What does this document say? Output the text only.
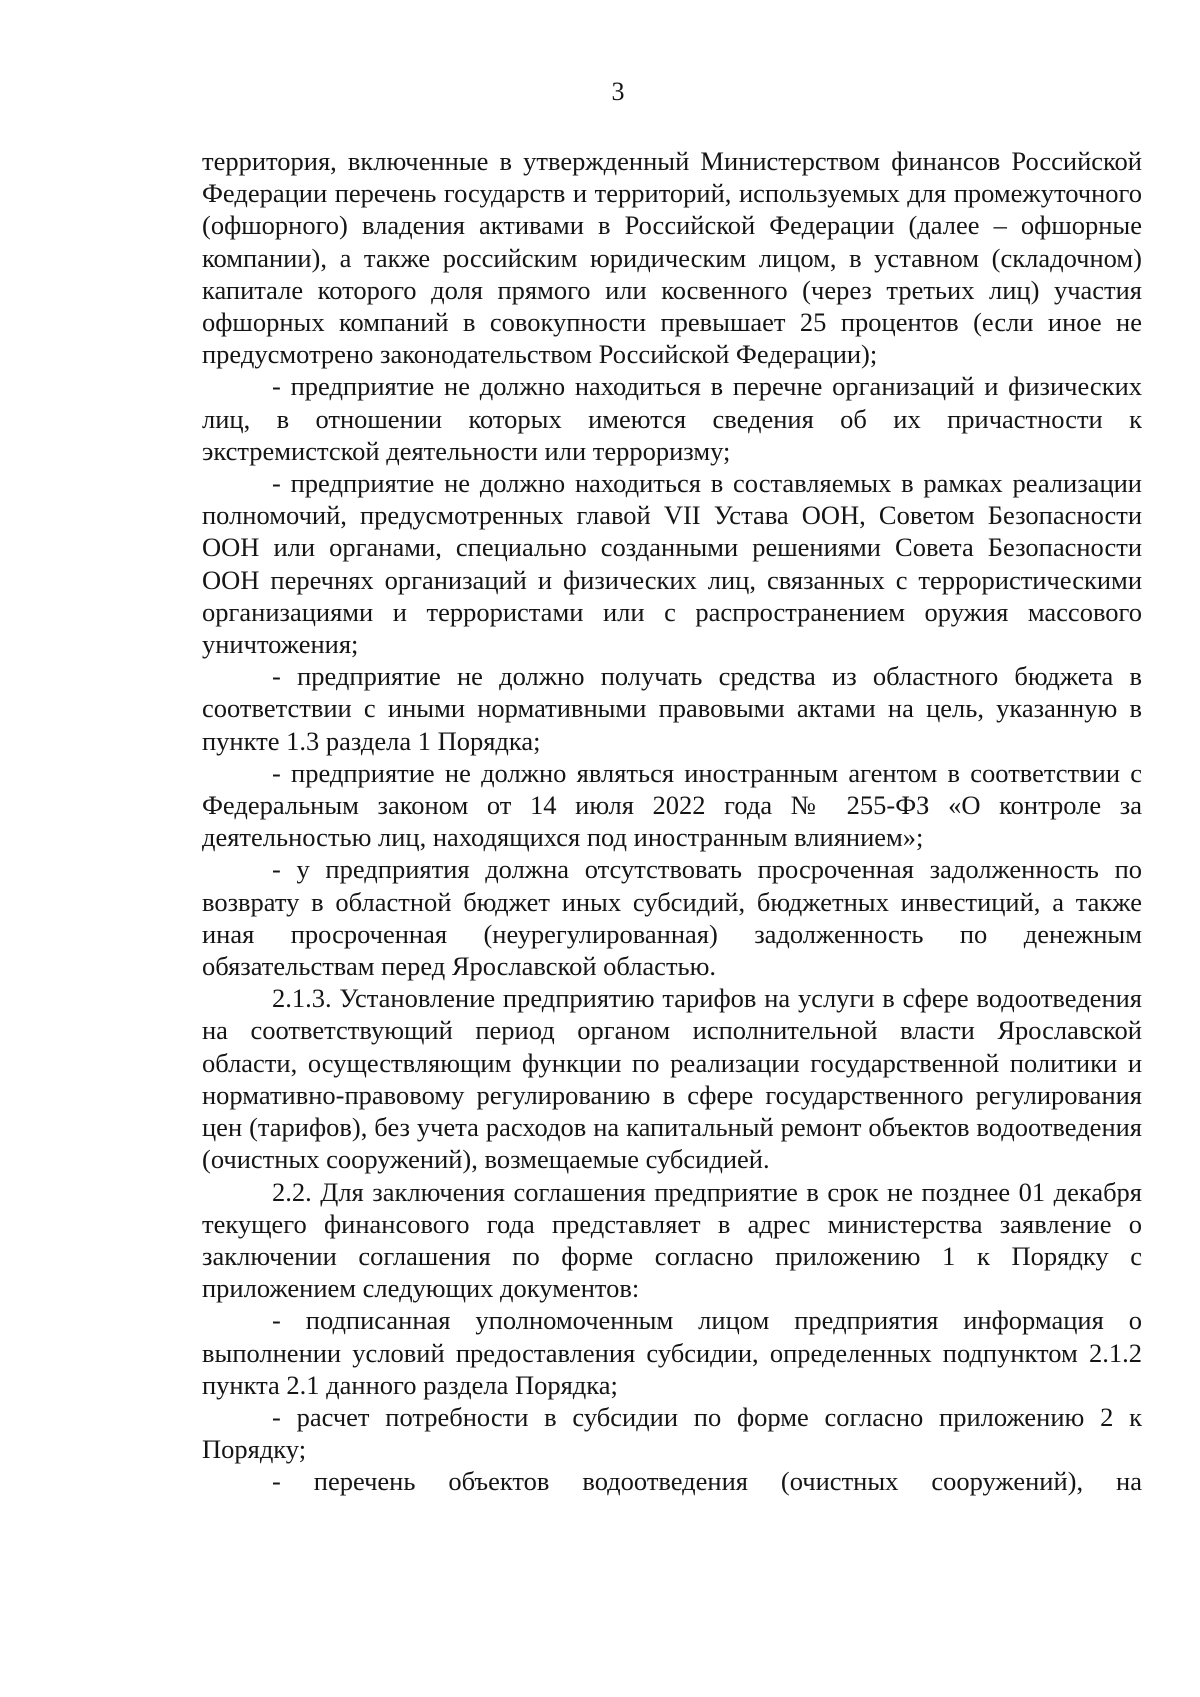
3

территория, включенные в утвержденный Министерством финансов Российской Федерации перечень государств и территорий, используемых для промежуточного (офшорного) владения активами в Российской Федерации (далее – офшорные компании), а также российским юридическим лицом, в уставном (складочном) капитале которого доля прямого или косвенного (через третьих лиц) участия офшорных компаний в совокупности превышает 25 процентов (если иное не предусмотрено законодательством Российской Федерации);

- предприятие не должно находиться в перечне организаций и физических лиц, в отношении которых имеются сведения об их причастности к экстремистской деятельности или терроризму;

- предприятие не должно находиться в составляемых в рамках реализации полномочий, предусмотренных главой VII Устава ООН, Советом Безопасности ООН или органами, специально созданными решениями Совета Безопасности ООН перечнях организаций и физических лиц, связанных с террористическими организациями и террористами или с распространением оружия массового уничтожения;

- предприятие не должно получать средства из областного бюджета в соответствии с иными нормативными правовыми актами на цель, указанную в пункте 1.3 раздела 1 Порядка;

- предприятие не должно являться иностранным агентом в соответствии с Федеральным законом от 14 июля 2022 года № 255-ФЗ «О контроле за деятельностью лиц, находящихся под иностранным влиянием»;

- у предприятия должна отсутствовать просроченная задолженность по возврату в областной бюджет иных субсидий, бюджетных инвестиций, а также иная просроченная (неурегулированная) задолженность по денежным обязательствам перед Ярославской областью.

2.1.3. Установление предприятию тарифов на услуги в сфере водоотведения на соответствующий период органом исполнительной власти Ярославской области, осуществляющим функции по реализации государственной политики и нормативно-правовому регулированию в сфере государственного регулирования цен (тарифов), без учета расходов на капитальный ремонт объектов водоотведения (очистных сооружений), возмещаемые субсидией.

2.2. Для заключения соглашения предприятие в срок не позднее 01 декабря текущего финансового года представляет в адрес министерства заявление о заключении соглашения по форме согласно приложению 1 к Порядку с приложением следующих документов:

- подписанная уполномоченным лицом предприятия информация о выполнении условий предоставления субсидии, определенных подпунктом 2.1.2 пункта 2.1 данного раздела Порядка;

- расчет потребности в субсидии по форме согласно приложению 2 к Порядку;

- перечень объектов водоотведения (очистных сооружений), на
